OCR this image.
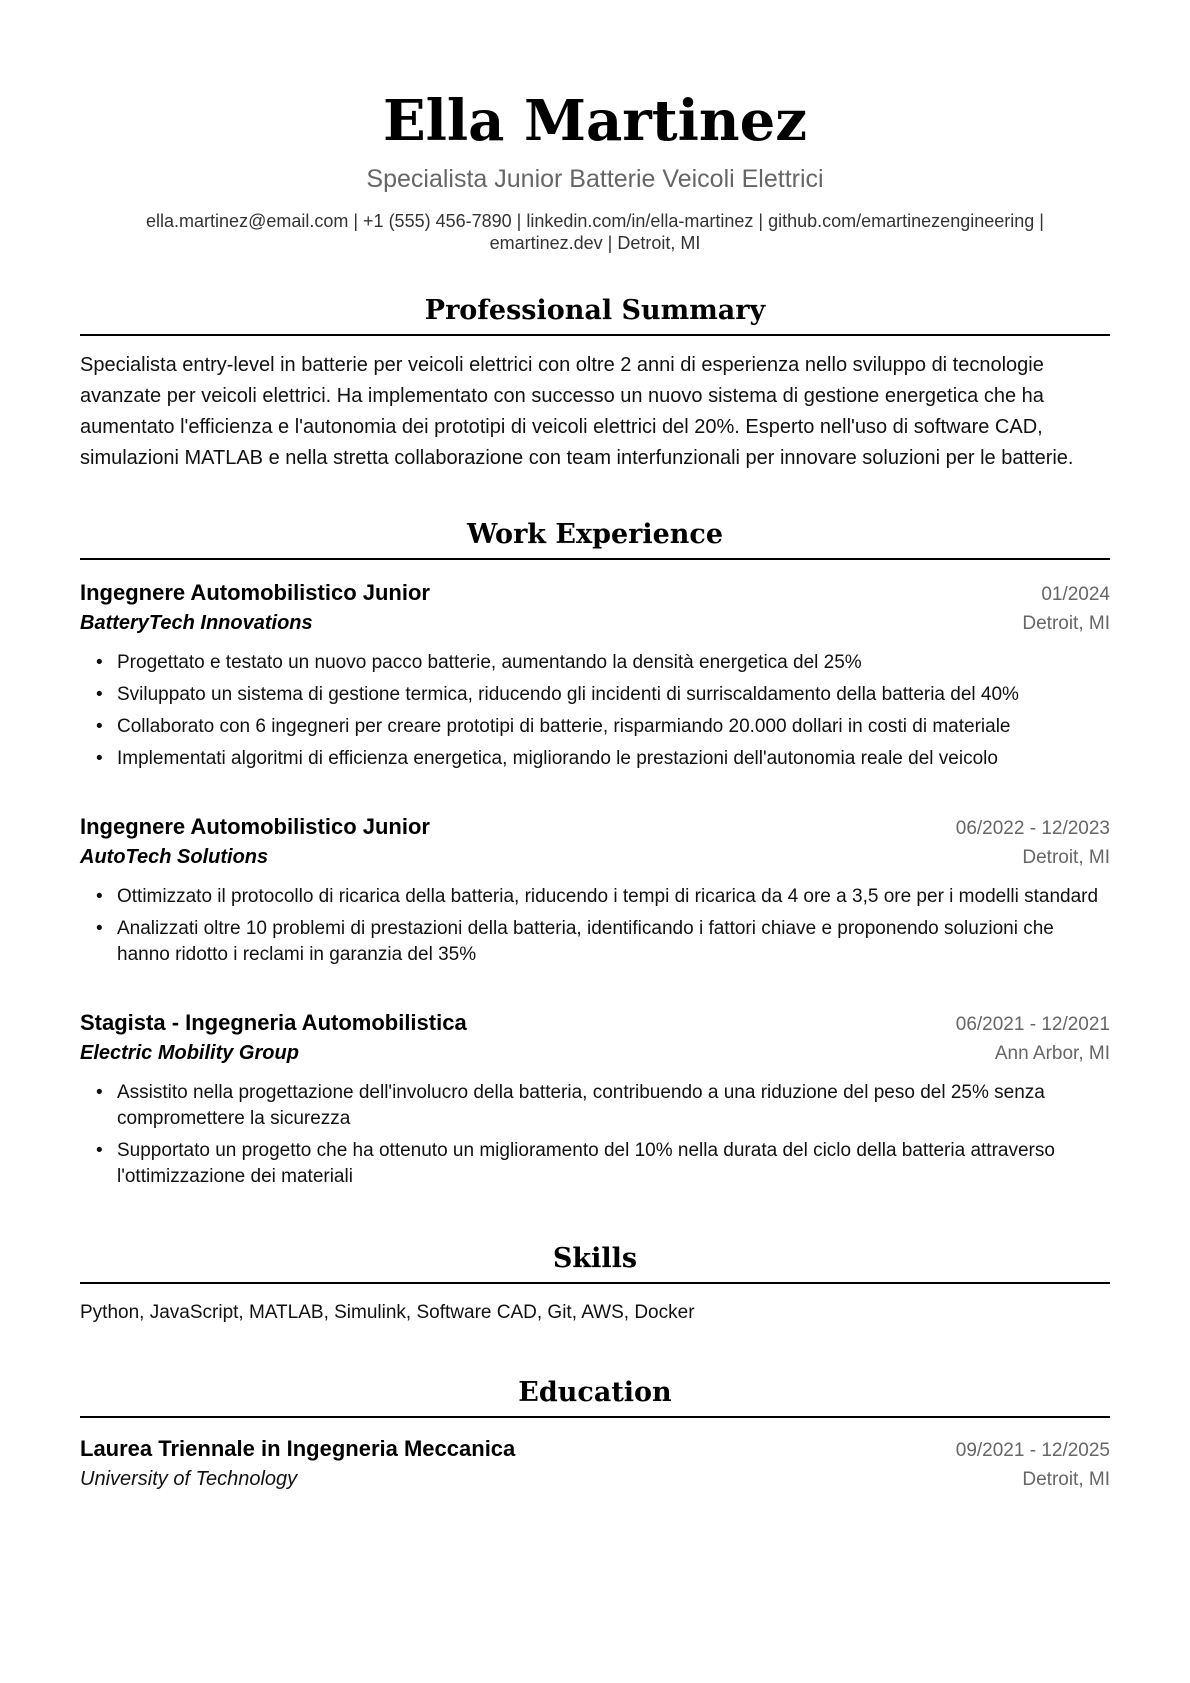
Ella Martinez
Specialista Junior Batterie Veicoli Elettrici
ella.martinez@email.com | +1 (555) 456-7890 | linkedin.com/in/ella-martinez | github.com/emartinezengineering | emartinez.dev | Detroit, MI
Professional Summary
Specialista entry-level in batterie per veicoli elettrici con oltre 2 anni di esperienza nello sviluppo di tecnologie avanzate per veicoli elettrici. Ha implementato con successo un nuovo sistema di gestione energetica che ha aumentato l'efficienza e l'autonomia dei prototipi di veicoli elettrici del 20%. Esperto nell'uso di software CAD, simulazioni MATLAB e nella stretta collaborazione con team interfunzionali per innovare soluzioni per le batterie.
Work Experience
Ingegnere Automobilistico Junior	01/2024
BatteryTech Innovations	Detroit, MI
• Progettato e testato un nuovo pacco batterie, aumentando la densità energetica del 25%
• Sviluppato un sistema di gestione termica, riducendo gli incidenti di surriscaldamento della batteria del 40%
• Collaborato con 6 ingegneri per creare prototipi di batterie, risparmiando 20.000 dollari in costi di materiale
• Implementati algoritmi di efficienza energetica, migliorando le prestazioni dell'autonomia reale del veicolo
Ingegnere Automobilistico Junior	06/2022 - 12/2023
AutoTech Solutions	Detroit, MI
• Ottimizzato il protocollo di ricarica della batteria, riducendo i tempi di ricarica da 4 ore a 3,5 ore per i modelli standard
• Analizzati oltre 10 problemi di prestazioni della batteria, identificando i fattori chiave e proponendo soluzioni che hanno ridotto i reclami in garanzia del 35%
Stagista - Ingegneria Automobilistica	06/2021 - 12/2021
Electric Mobility Group	Ann Arbor, MI
• Assistito nella progettazione dell'involucro della batteria, contribuendo a una riduzione del peso del 25% senza compromettere la sicurezza
• Supportato un progetto che ha ottenuto un miglioramento del 10% nella durata del ciclo della batteria attraverso l'ottimizzazione dei materiali
Skills
Python, JavaScript, MATLAB, Simulink, Software CAD, Git, AWS, Docker
Education
Laurea Triennale in Ingegneria Meccanica	09/2021 - 12/2025
University of Technology	Detroit, MI
